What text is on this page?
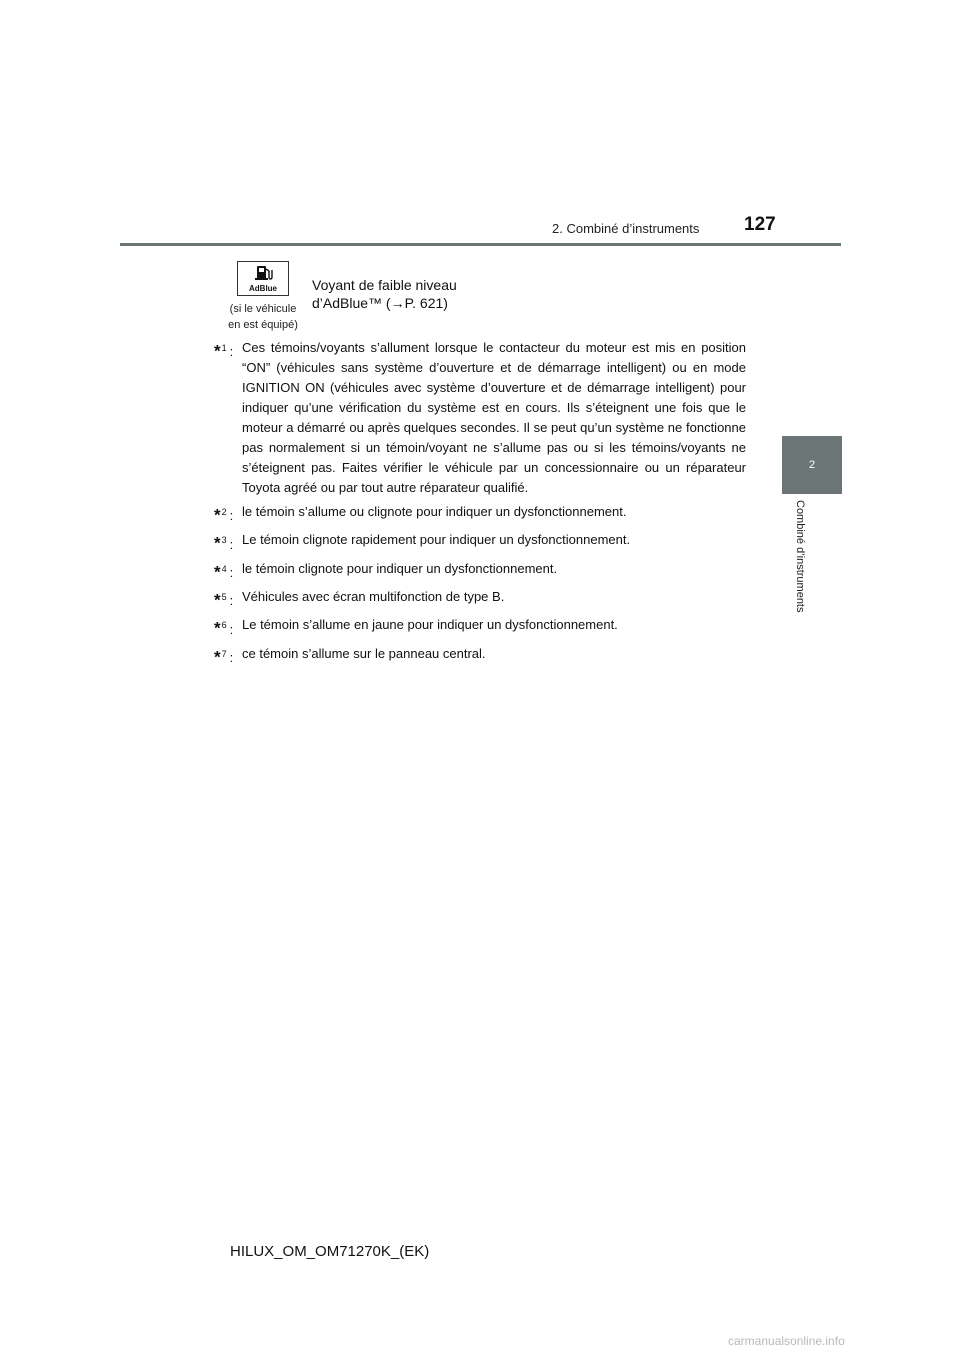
2. Combiné d’instruments 127
2
Combiné d’instruments
AdBlue
(si le véhicule
en est équipé)
Voyant de faible niveau
d’AdBlue™ (→P. 621)
*$^1$ : Ces témoins/voyants s’allument lorsque le contacteur du moteur est mis en position “ON” (véhicules sans système d’ouverture et de démarrage intelligent) ou en mode IGNITION ON (véhicules avec système d’ouverture et de démarrage intelligent) pour indiquer qu’une vérification du système est en cours. Ils s’éteignent une fois que le moteur a démarré ou après quelques secondes. Il se peut qu’un système ne fonctionne pas normalement si un témoin/voyant ne s’allume pas ou si les témoins/voyants ne s’éteignent pas. Faites vérifier le véhicule par un concessionnaire ou un réparateur Toyota agréé ou par tout autre réparateur qualifié.
*$^2$ : le témoin s’allume ou clignote pour indiquer un dysfonctionnement.
*$^3$ : Le témoin clignote rapidement pour indiquer un dysfonctionnement.
*$^4$ : le témoin clignote pour indiquer un dysfonctionnement.
*$^5$ : Véhicules avec écran multifonction de type B.
*$^6$ : Le témoin s’allume en jaune pour indiquer un dysfonctionnement.
*$^7$ : ce témoin s’allume sur le panneau central.
HILUX_OM_OM71270K_(EK)
carmanualsonline.info
